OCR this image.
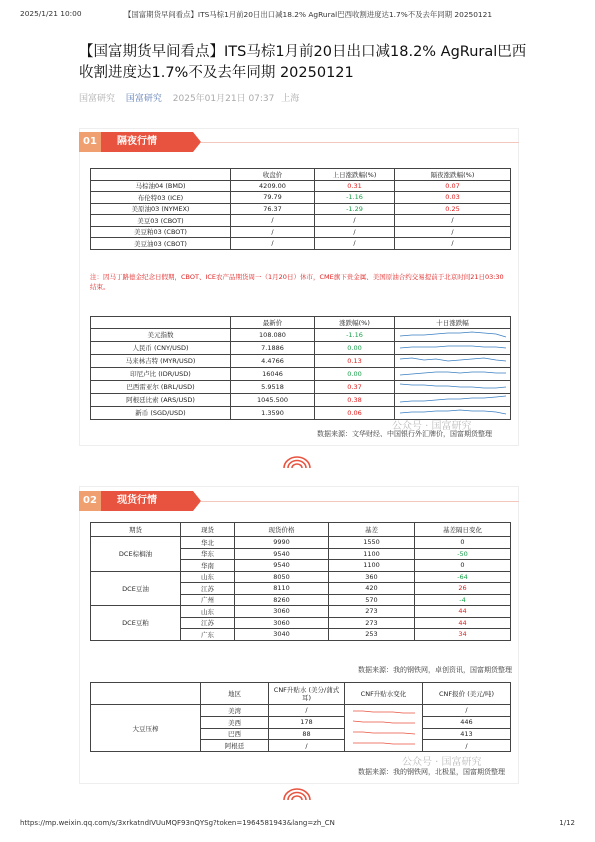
2025/1/21 10:00	【国富期货早间看点】ITS马棕1月前20日出口减18.2% AgRural巴西收割进度达1.7%不及去年同期 20250121
【国富期货早间看点】ITS马棕1月前20日出口减18.2% AgRural巴西收割进度达1.7%不及去年同期 20250121
国富研究 国富研究 2025年01月21日 07:37 上海
01	隔夜行情
	收盘价	上日涨跌幅(%)	隔夜涨跌幅(%)
马棕油04 (BMD)	4209.00	0.31	0.07
布伦特03 (ICE)	79.79	-1.16	0.03
美原油03 (NYMEX)	76.37	-1.29	0.25
美豆03 (CBOT)	/	/	/
美豆粕03 (CBOT)	/	/	/
美豆油03 (CBOT)	/	/	/
注：因马丁路德金纪念日假期，CBOT、ICE农产品期货周一（1月20日）休市，CME旗下贵金属、美国原油合约交易提前于北京时间21日03:30结束。
	最新价	涨跌幅(%)	十日涨跌幅
美元指数	108.080	-1.16	
人民币 (CNY/USD)	7.1886	0.00	
马来林吉特 (MYR/USD)	4.4766	0.13	
印尼卢比 (IDR/USD)	16046	0.00	
巴西雷亚尔 (BRL/USD)	5.9518	0.37	
阿根廷比索 (ARS/USD)	1045.500	0.38	
新币 (SGD/USD)	1.3590	0.06	
数据来源：文华财经、中国银行外汇牌价，国富期货整理
公众号 · 国富研究
02	现货行情
期货	现货	现货价格	基差	基差隔日变化
DCE棕榈油	华北	9990	1550	0
	华东	9540	1100	-50
	华南	9540	1100	0
DCE豆油	山东	8050	360	-64
	江苏	8110	420	26
	广州	8260	570	-4
DCE豆粕	山东	3060	273	44
	江苏	3060	273	44
	广东	3040	253	34
数据来源：我的钢铁网，卓创资讯，国富期货整理
	地区	CNF升贴水 (美分/蒲式耳)	CNF升贴水变化	CNF报价 (美元/吨)
大豆压榨	美湾	/		/
	美西	178		446
	巴西	88		413
	阿根廷	/		/
数据来源：我的钢铁网，北极星，国富期货整理
公众号 · 国富研究
https://mp.weixin.qq.com/s/3xrkatndIVUuMQF93nQYSg?token=1964581943&lang=zh_CN	1/12
